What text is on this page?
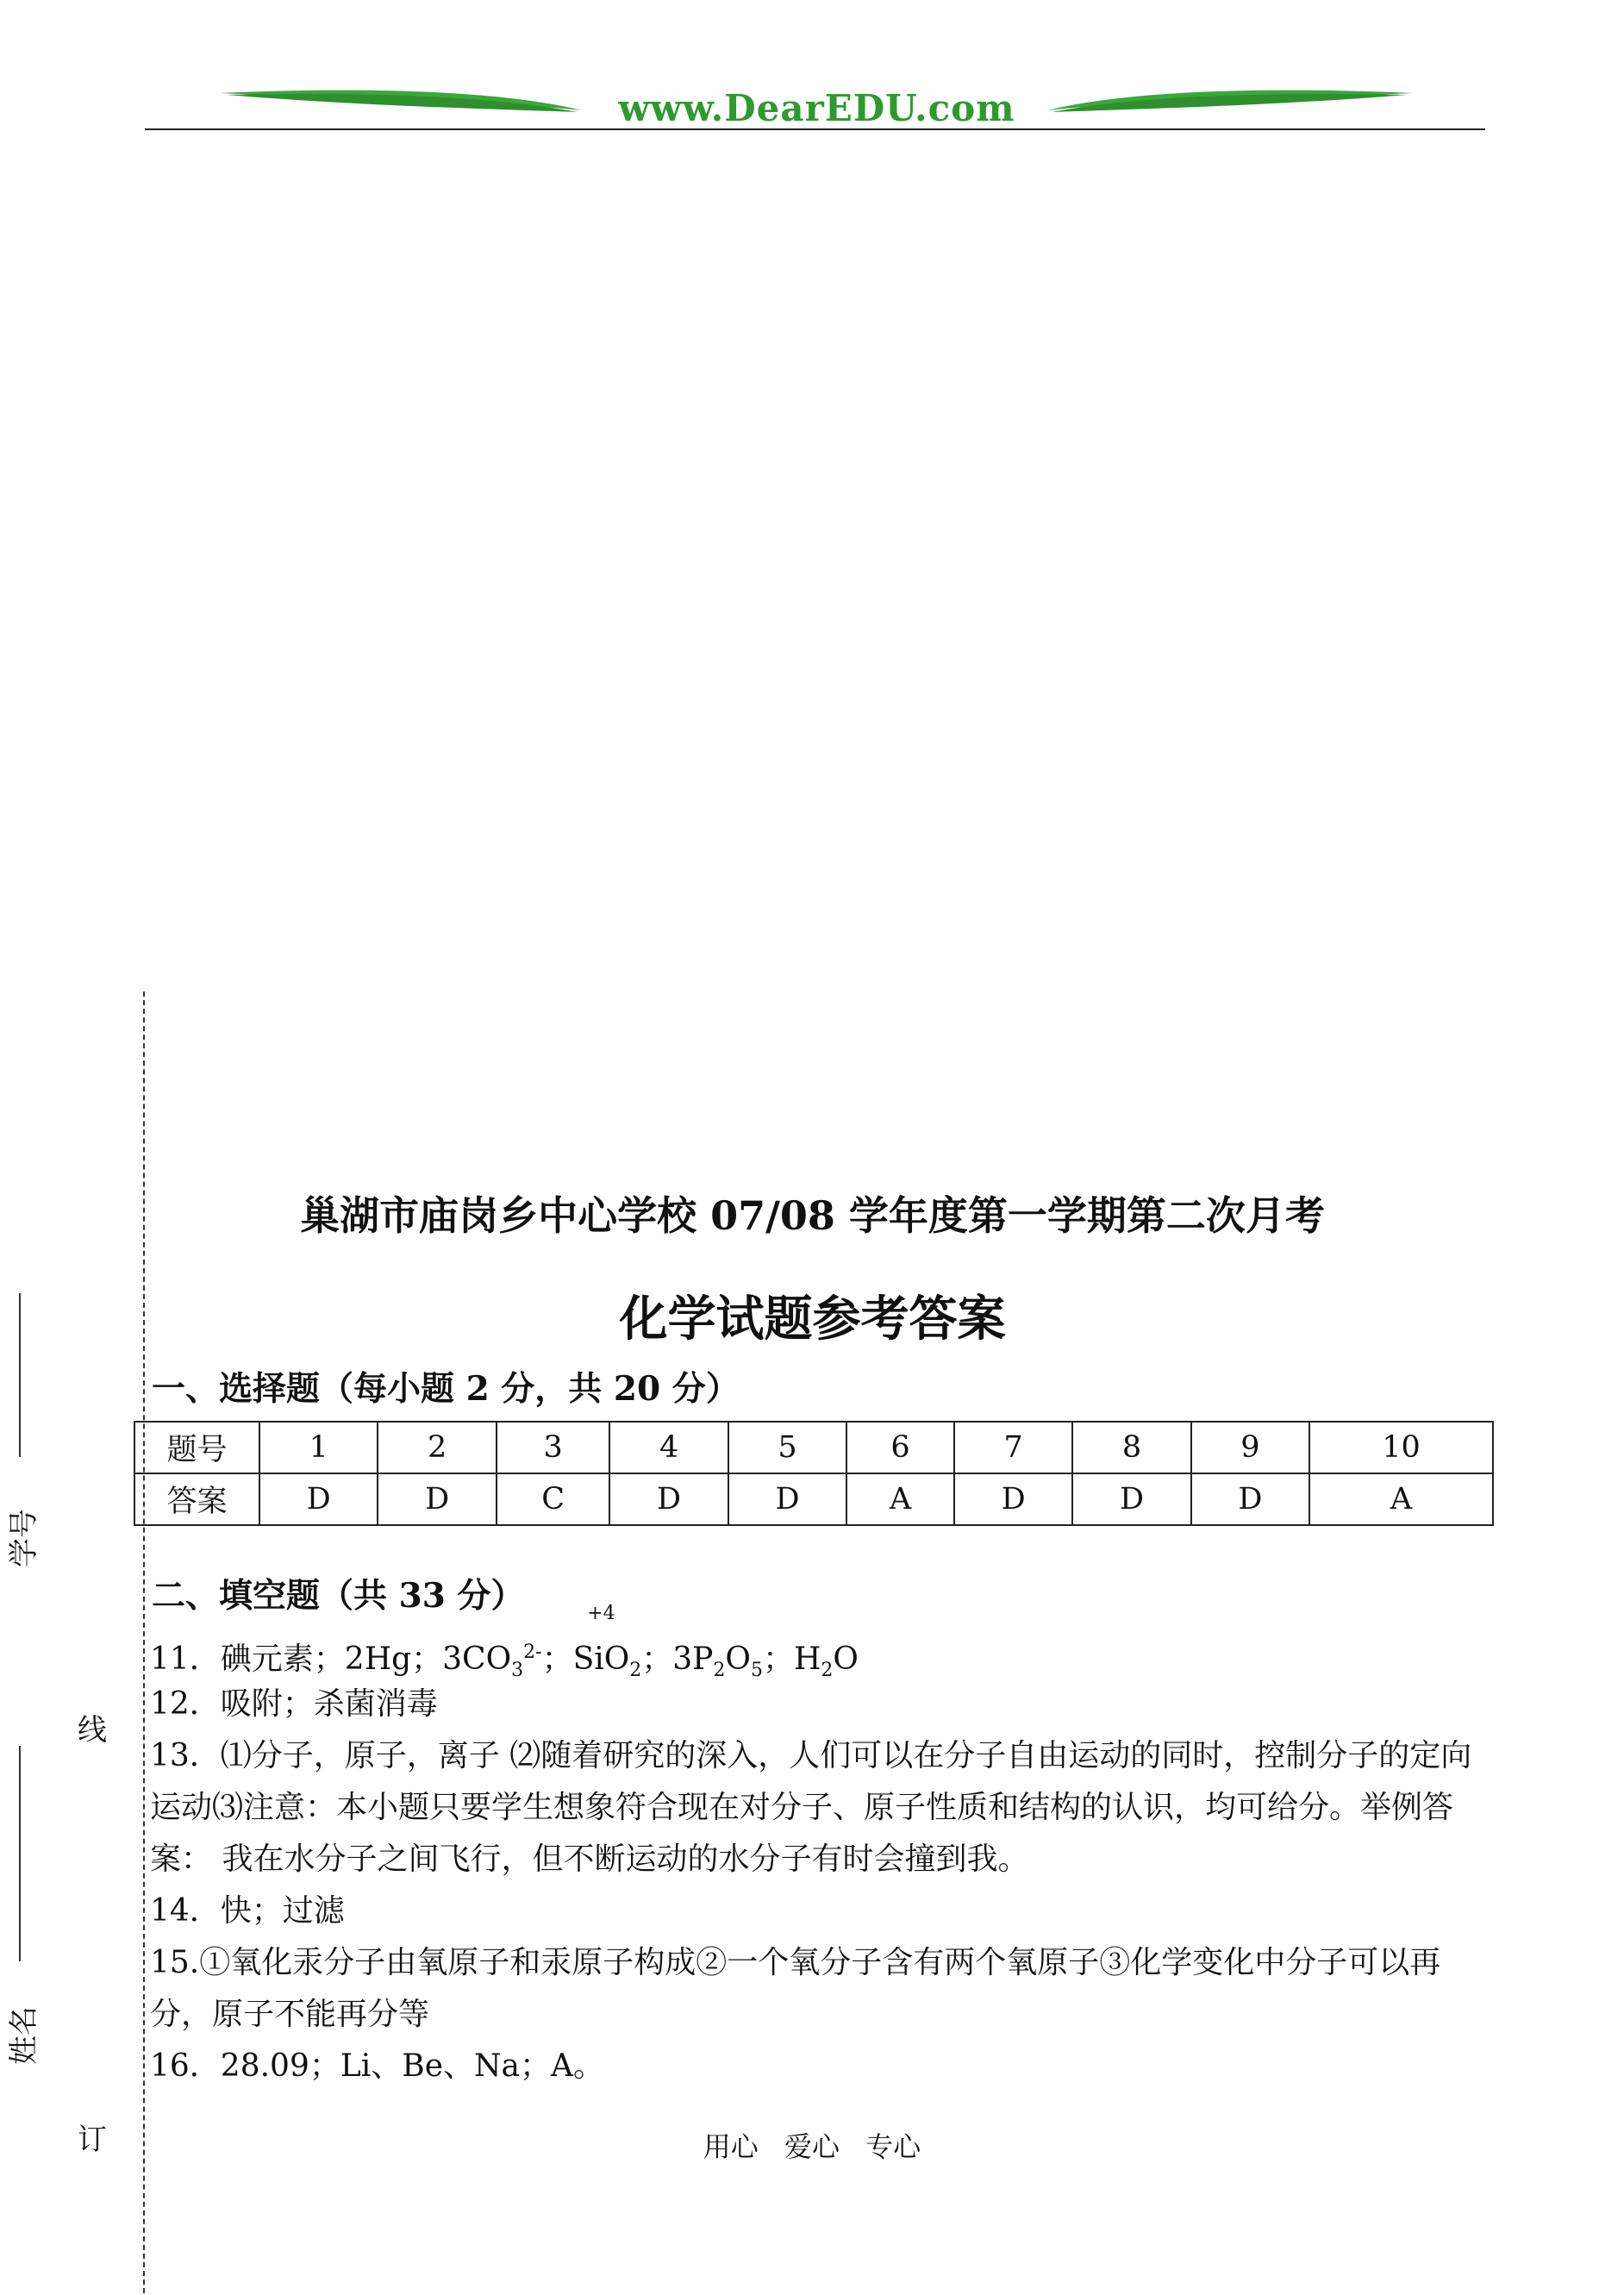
www.DearEDU.com
线
订
学号
姓名
巢湖市庙岗乡中心学校 07/08 学年度第一学期第二次月考
化学试题参考答案
一、选择题（每小题 2 分，共 20 分）
题号	1	2	3	4	5	6	7	8	9	10
答案	D	D	C	D	D	A	D	D	D	A
二、填空题（共 33 分）
11．碘元素；2Hg；$3CO_3^{2-}$；
+4
SiO$_2$；$3P_2O_5$；$H_2O$
12．吸附；杀菌消毒
13．⑴分子，原子，离子 ⑵随着研究的深入，人们可以在分子自由运动的同时，控制分子的定向运动⑶注意：本小题只要学生想象符合现在对分子、原子性质和结构的认识，均可给分。举例答案： 我在水分子之间飞行，但不断运动的水分子有时会撞到我。
14．快；过滤
15.①氧化汞分子由氧原子和汞原子构成②一个氧分子含有两个氧原子③化学变化中分子可以再分，原子不能再分等
16．28.09；Li、Be、Na；A。
用心 爱心 专心
